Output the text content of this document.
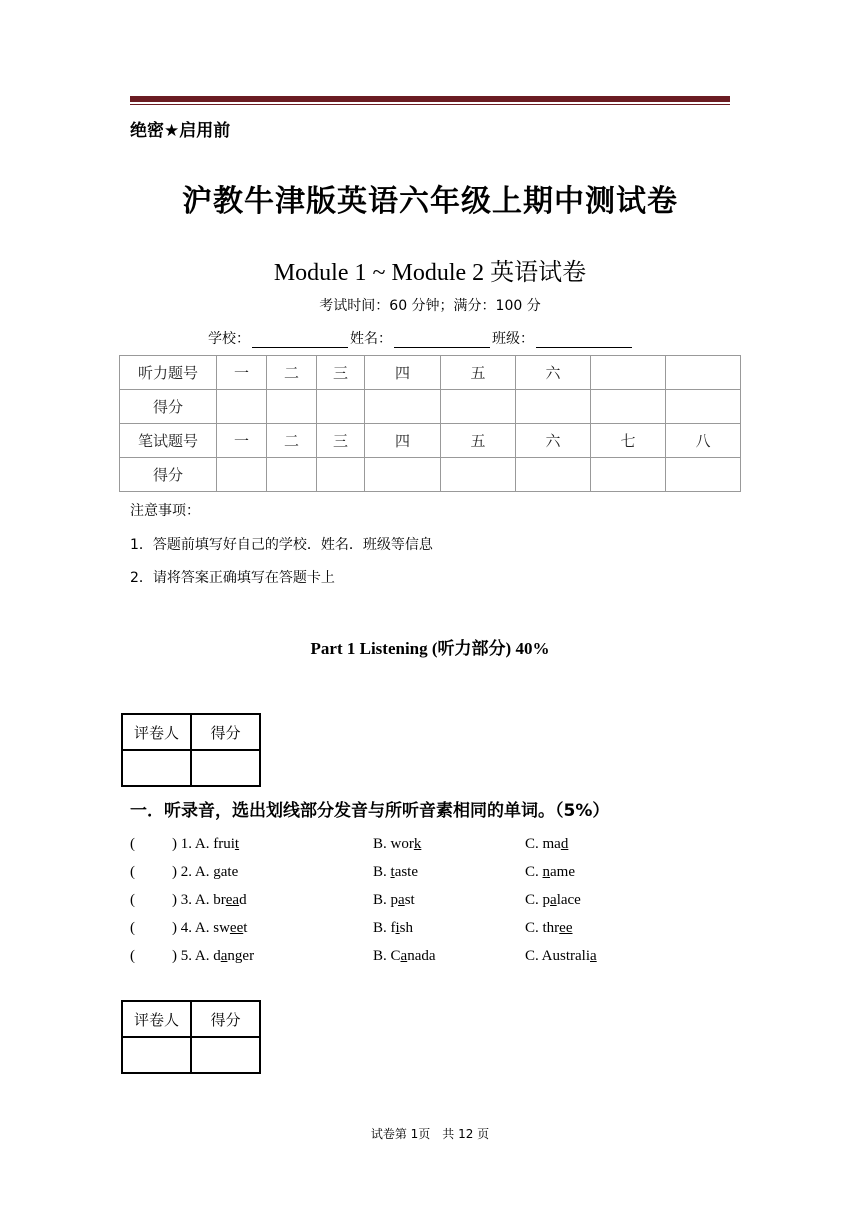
绝密★启用前
沪教牛津版英语六年级上期中测试卷
Module 1 ~ Module 2 英语试卷
考试时间：60 分钟；满分：100 分
学校：	姓名：	班级：
听力题号	一	二	三	四	五	六		
得分								
笔试题号	一	二	三	四	五	六	七	八
得分								
注意事项：
1．答题前填写好自己的学校．姓名．班级等信息
2．请将答案正确填写在答题卡上
Part 1 Listening (听力部分) 40%
评卷人	得分

一．听录音，选出划线部分发音与所听音素相同的单词。（5%）
( ) 1. A. fruit	B. work	C. mad
( ) 2. A. gate	B. taste	C. name
( ) 3. A. bread	B. past	C. palace
( ) 4. A. sweet	B. fish	C. three
( ) 5. A. danger	B. Canada	C. Australia
评卷人	得分

试卷第 1页　共 12 页
